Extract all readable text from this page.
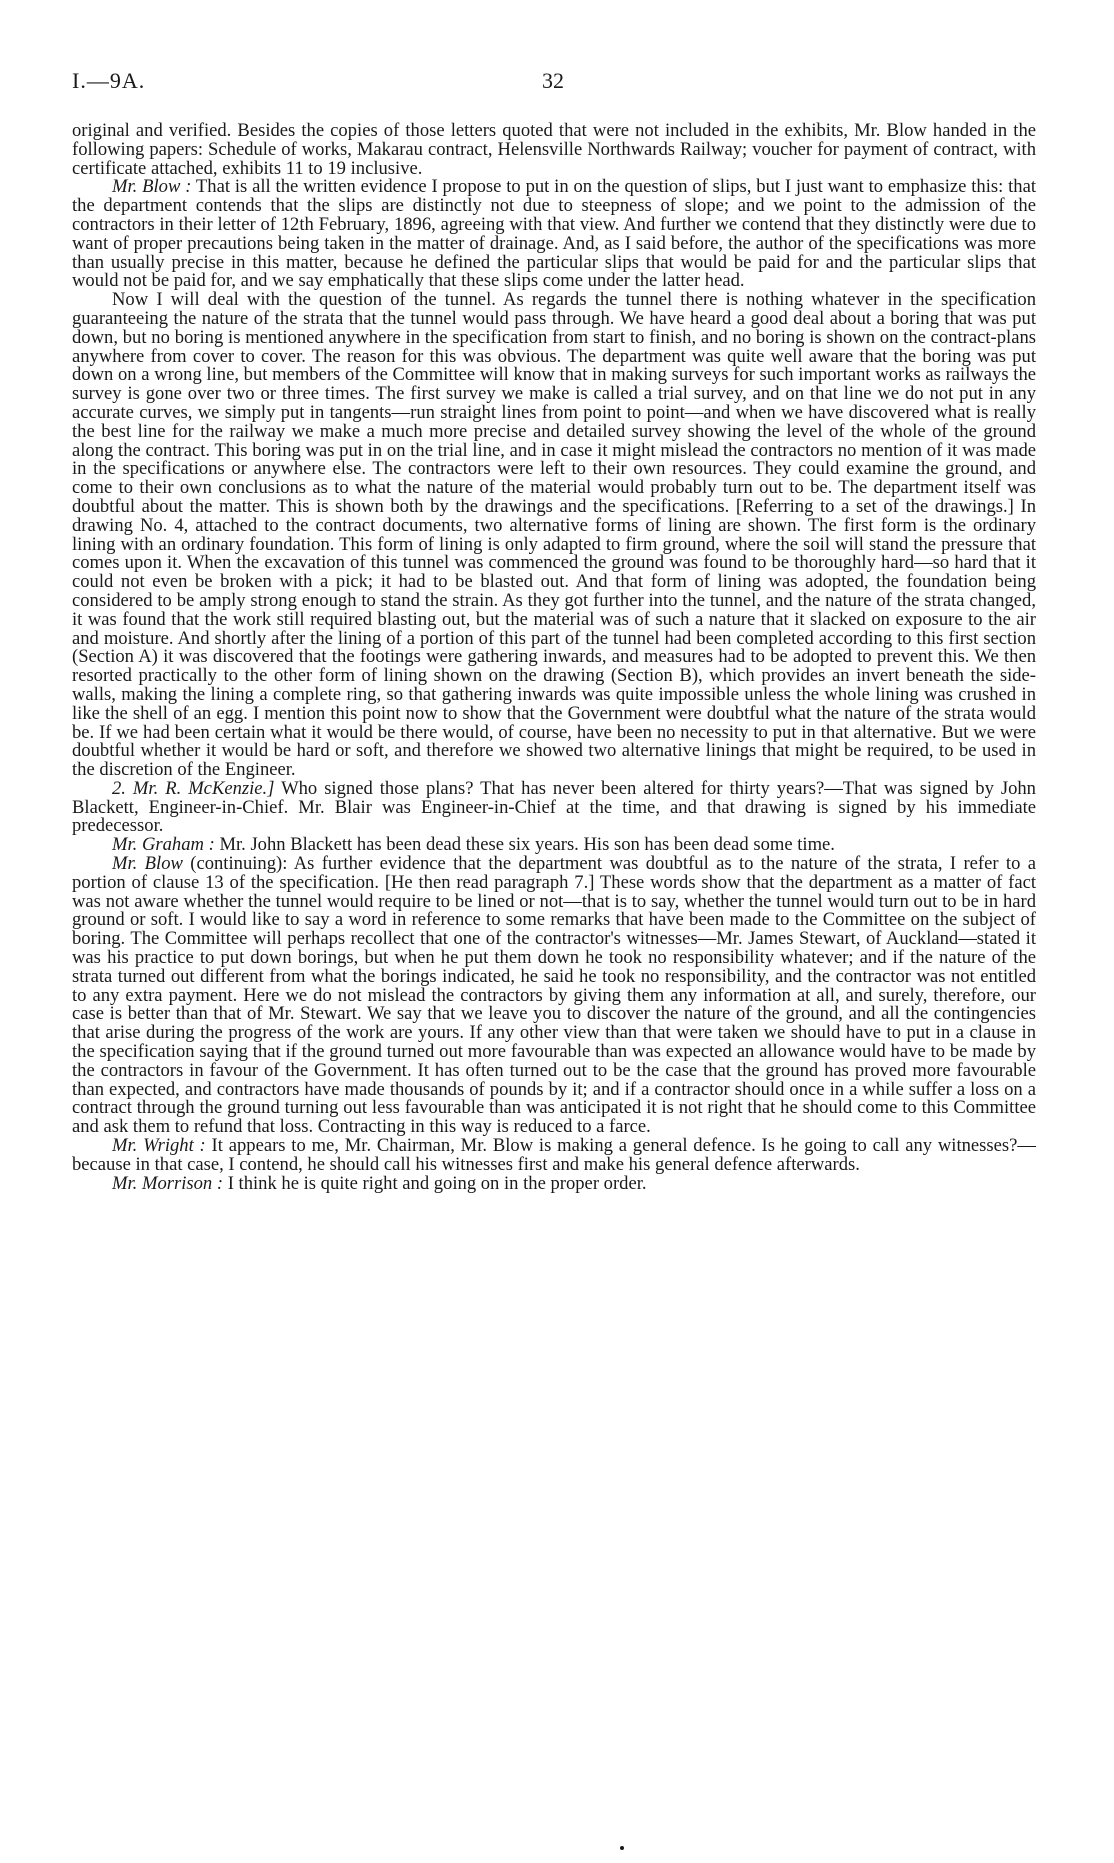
I.—9A.	32

original and verified. Besides the copies of those letters quoted that were not included in the exhibits, Mr. Blow handed in the following papers: Schedule of works, Makarau contract, Helensville Northwards Railway; voucher for payment of contract, with certificate attached, exhibits 11 to 19 inclusive.

Mr. Blow : That is all the written evidence I propose to put in on the question of slips, but I just want to emphasize this: that the department contends that the slips are distinctly not due to steepness of slope; and we point to the admission of the contractors in their letter of 12th February, 1896, agreeing with that view. And further we contend that they distinctly were due to want of proper precautions being taken in the matter of drainage. And, as I said before, the author of the specifications was more than usually precise in this matter, because he defined the particular slips that would be paid for and the particular slips that would not be paid for, and we say emphatically that these slips come under the latter head.

Now I will deal with the question of the tunnel. As regards the tunnel there is nothing whatever in the specification guaranteeing the nature of the strata that the tunnel would pass through. We have heard a good deal about a boring that was put down, but no boring is mentioned anywhere in the specification from start to finish, and no boring is shown on the contract-plans anywhere from cover to cover. The reason for this was obvious. The department was quite well aware that the boring was put down on a wrong line, but members of the Committee will know that in making surveys for such important works as railways the survey is gone over two or three times. The first survey we make is called a trial survey, and on that line we do not put in any accurate curves, we simply put in tangents—run straight lines from point to point—and when we have discovered what is really the best line for the railway we make a much more precise and detailed survey showing the level of the whole of the ground along the contract. This boring was put in on the trial line, and in case it might mislead the contractors no mention of it was made in the specifications or anywhere else. The contractors were left to their own resources. They could examine the ground, and come to their own conclusions as to what the nature of the material would probably turn out to be. The department itself was doubtful about the matter. This is shown both by the drawings and the specifications. [Referring to a set of the drawings.] In drawing No. 4, attached to the contract documents, two alternative forms of lining are shown. The first form is the ordinary lining with an ordinary foundation. This form of lining is only adapted to firm ground, where the soil will stand the pressure that comes upon it. When the excavation of this tunnel was commenced the ground was found to be thoroughly hard—so hard that it could not even be broken with a pick; it had to be blasted out. And that form of lining was adopted, the foundation being considered to be amply strong enough to stand the strain. As they got further into the tunnel, and the nature of the strata changed, it was found that the work still required blasting out, but the material was of such a nature that it slacked on exposure to the air and moisture. And shortly after the lining of a portion of this part of the tunnel had been completed according to this first section (Section A) it was discovered that the footings were gathering inwards, and measures had to be adopted to prevent this. We then resorted practically to the other form of lining shown on the drawing (Section B), which provides an invert beneath the side-walls, making the lining a complete ring, so that gathering inwards was quite impossible unless the whole lining was crushed in like the shell of an egg. I mention this point now to show that the Government were doubtful what the nature of the strata would be. If we had been certain what it would be there would, of course, have been no necessity to put in that alternative. But we were doubtful whether it would be hard or soft, and therefore we showed two alternative linings that might be required, to be used in the discretion of the Engineer.

2. Mr. R. McKenzie.] Who signed those plans? That has never been altered for thirty years?—That was signed by John Blackett, Engineer-in-Chief. Mr. Blair was Engineer-in-Chief at the time, and that drawing is signed by his immediate predecessor.

Mr. Graham : Mr. John Blackett has been dead these six years. His son has been dead some time.

Mr. Blow (continuing): As further evidence that the department was doubtful as to the nature of the strata, I refer to a portion of clause 13 of the specification. [He then read paragraph 7.] These words show that the department as a matter of fact was not aware whether the tunnel would require to be lined or not—that is to say, whether the tunnel would turn out to be in hard ground or soft. I would like to say a word in reference to some remarks that have been made to the Committee on the subject of boring. The Committee will perhaps recollect that one of the contractor's witnesses—Mr. James Stewart, of Auckland—stated it was his practice to put down borings, but when he put them down he took no responsibility whatever; and if the nature of the strata turned out different from what the borings indicated, he said he took no responsibility, and the contractor was not entitled to any extra payment. Here we do not mislead the contractors by giving them any information at all, and surely, therefore, our case is better than that of Mr. Stewart. We say that we leave you to discover the nature of the ground, and all the contingencies that arise during the progress of the work are yours. If any other view than that were taken we should have to put in a clause in the specification saying that if the ground turned out more favourable than was expected an allowance would have to be made by the contractors in favour of the Government. It has often turned out to be the case that the ground has proved more favourable than expected, and contractors have made thousands of pounds by it; and if a contractor should once in a while suffer a loss on a contract through the ground turning out less favourable than was anticipated it is not right that he should come to this Committee and ask them to refund that loss. Contracting in this way is reduced to a farce.

Mr. Wright : It appears to me, Mr. Chairman, Mr. Blow is making a general defence. Is he going to call any witnesses?—because in that case, I contend, he should call his witnesses first and make his general defence afterwards.

Mr. Morrison : I think he is quite right and going on in the proper order.
